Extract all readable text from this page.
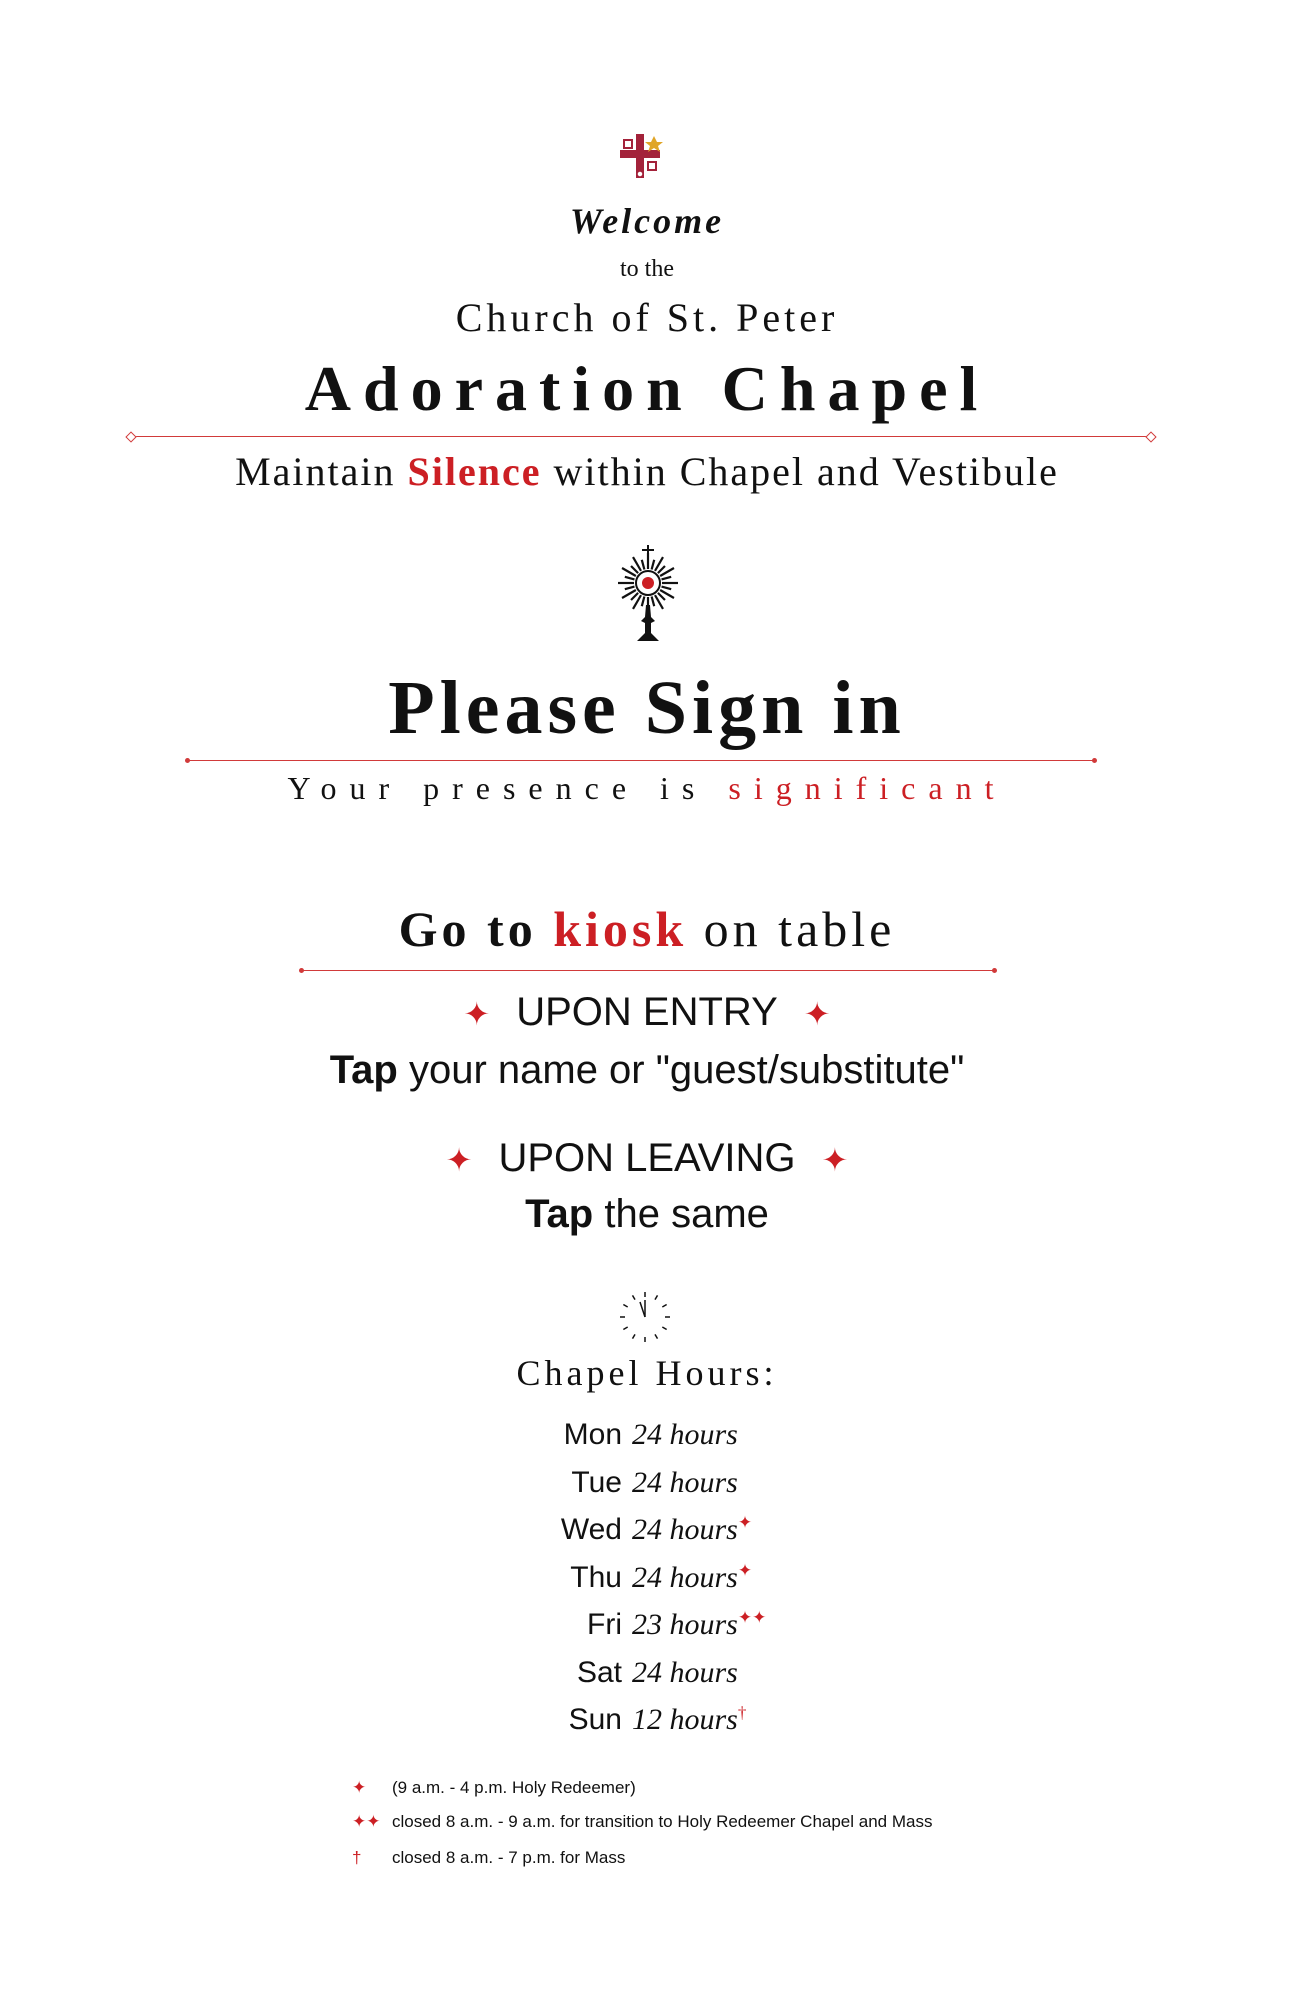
Welcome
to the
Church of St. Peter
Adoration Chapel
Maintain Silence within Chapel and Vestibule
Please Sign in
Your presence is significant
Go to kiosk on table
✦ UPON ENTRY ✦
Tap your name or "guest/substitute"
✦ UPON LEAVING ✦
Tap the same
Chapel Hours:
Mon 24 hours
Tue 24 hours
Wed 24 hours✦
Thu 24 hours✦
Fri 23 hours✦✦
Sat 24 hours
Sun 12 hours†
✦ (9 a.m. - 4 p.m. Holy Redeemer)
✦✦ closed 8 a.m. - 9 a.m. for transition to Holy Redeemer Chapel and Mass
† closed 8 a.m. - 7 p.m. for Mass
